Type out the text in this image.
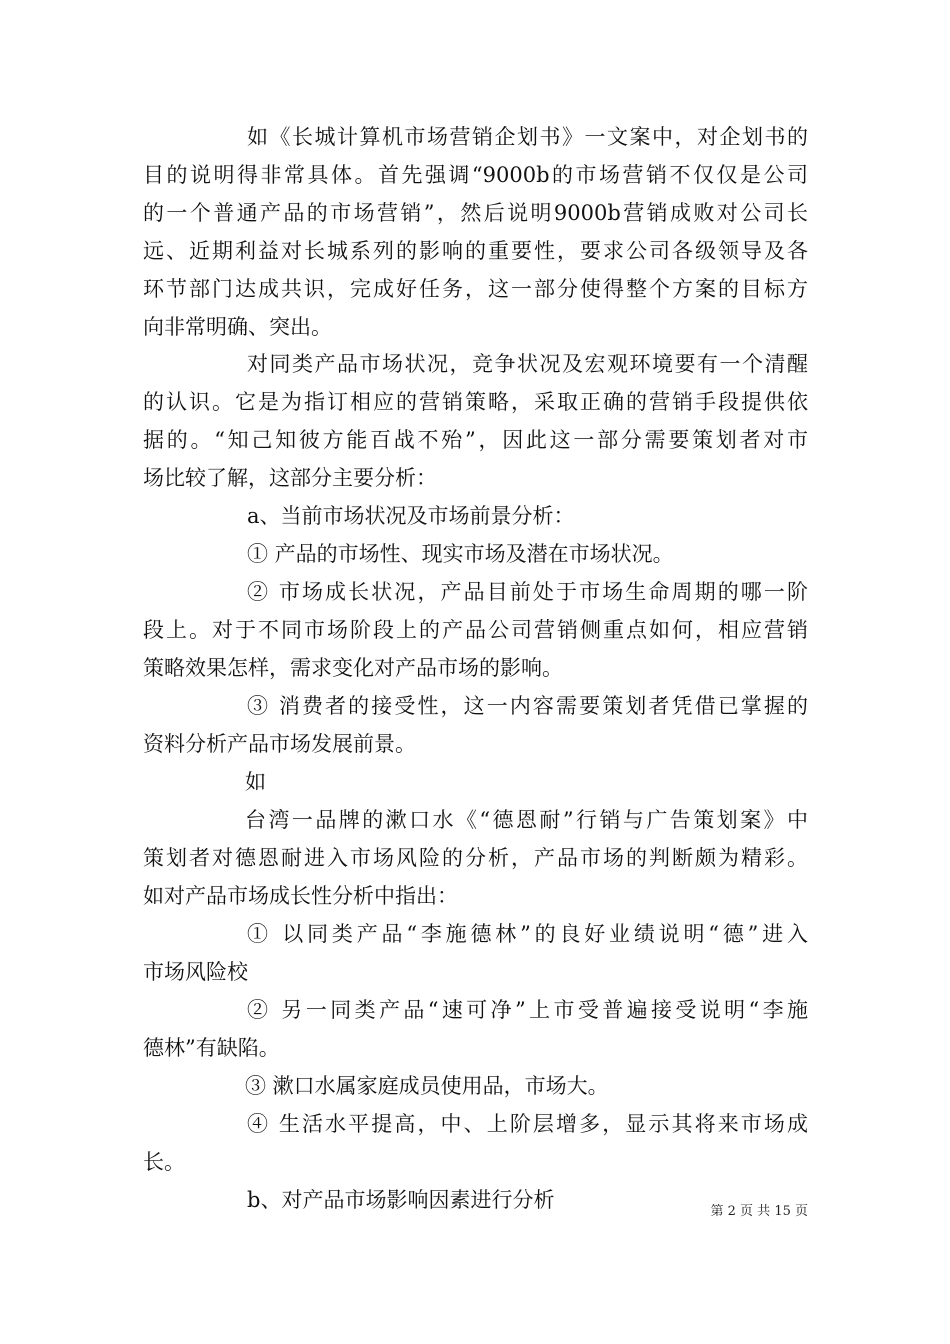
如《长城计算机市场营销企划书》一文案中，对企划书的
目的说明得非常具体。首先强调“9000b的市场营销不仅仅是公司
的一个普通产品的市场营销”，然后说明9000b营销成败对公司长
远、近期利益对长城系列的影响的重要性，要求公司各级领导及各
环节部门达成共识，完成好任务，这一部分使得整个方案的目标方
向非常明确、突出。
对同类产品市场状况，竞争状况及宏观环境要有一个清醒
的认识。它是为指订相应的营销策略，采取正确的营销手段提供依
据的。“知己知彼方能百战不殆”，因此这一部分需要策划者对市
场比较了解，这部分主要分析：
a、当前市场状况及市场前景分析：
① 产品的市场性、现实市场及潜在市场状况。
② 市场成长状况，产品目前处于市场生命周期的哪一阶
段上。对于不同市场阶段上的产品公司营销侧重点如何，相应营销
策略效果怎样，需求变化对产品市场的影响。
③ 消费者的接受性，这一内容需要策划者凭借已掌握的
资料分析产品市场发展前景。
如
台湾一品牌的漱口水《“德恩耐”行销与广告策划案》中
策划者对德恩耐进入市场风险的分析，产品市场的判断颇为精彩。
如对产品市场成长性分析中指出：
① 以同类产品“李施德林”的良好业绩说明“德”进入
市场风险校
② 另一同类产品“速可净”上市受普遍接受说明“李施
德林”有缺陷。
③ 漱口水属家庭成员使用品，市场大。
④ 生活水平提高，中、上阶层增多，显示其将来市场成
长。
b、对产品市场影响因素进行分析	第 2 页 共 15 页
